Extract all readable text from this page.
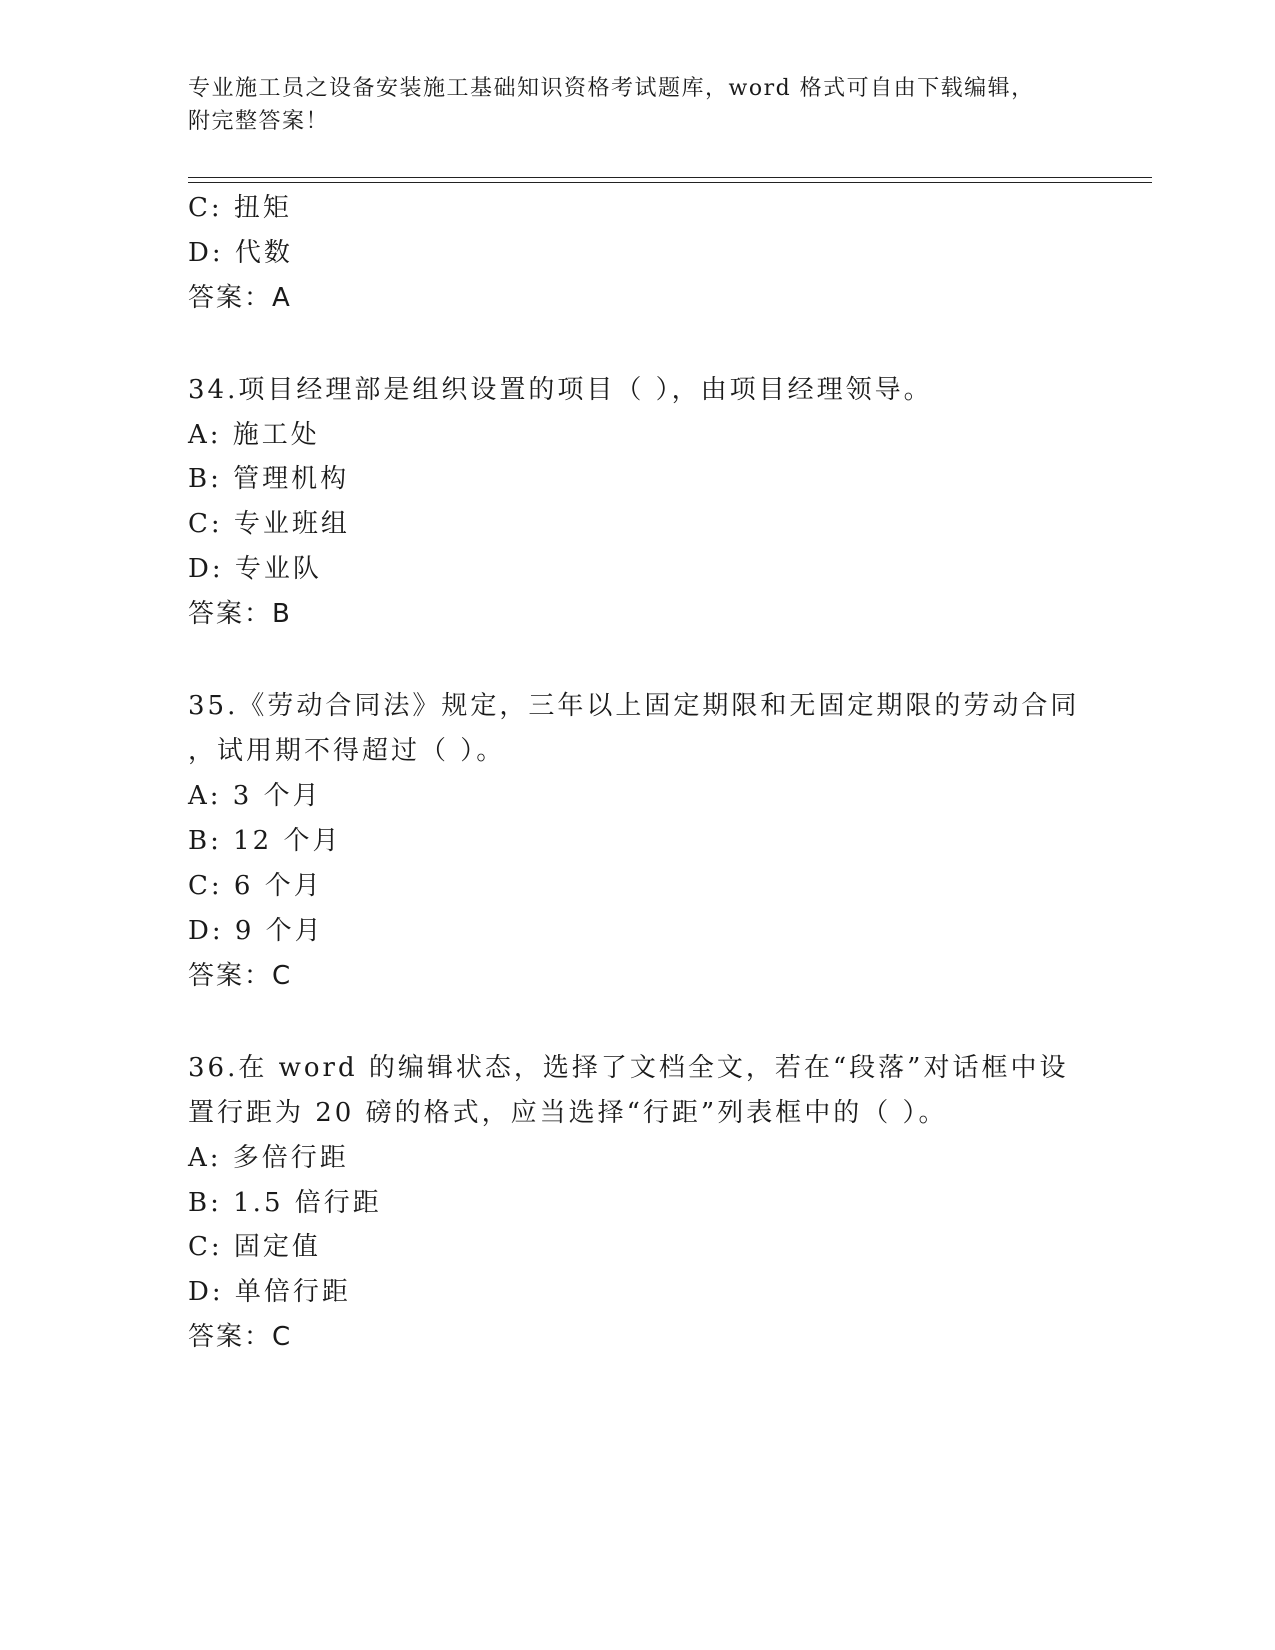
专业施工员之设备安装施工基础知识资格考试题库，word 格式可自由下载编辑，
附完整答案！
C: 扭矩
D: 代数
答案：A
34.项目经理部是组织设置的项目（ ），由项目经理领导。
A: 施工处
B: 管理机构
C: 专业班组
D: 专业队
答案：B
35.《劳动合同法》规定，三年以上固定期限和无固定期限的劳动合同
，试用期不得超过（ ）。
A: 3 个月
B: 12 个月
C: 6 个月
D: 9 个月
答案：C
36.在 word 的编辑状态，选择了文档全文，若在“段落”对话框中设
置行距为 20 磅的格式，应当选择“行距”列表框中的（ ）。
A: 多倍行距
B: 1.5 倍行距
C: 固定值
D: 单倍行距
答案：C
